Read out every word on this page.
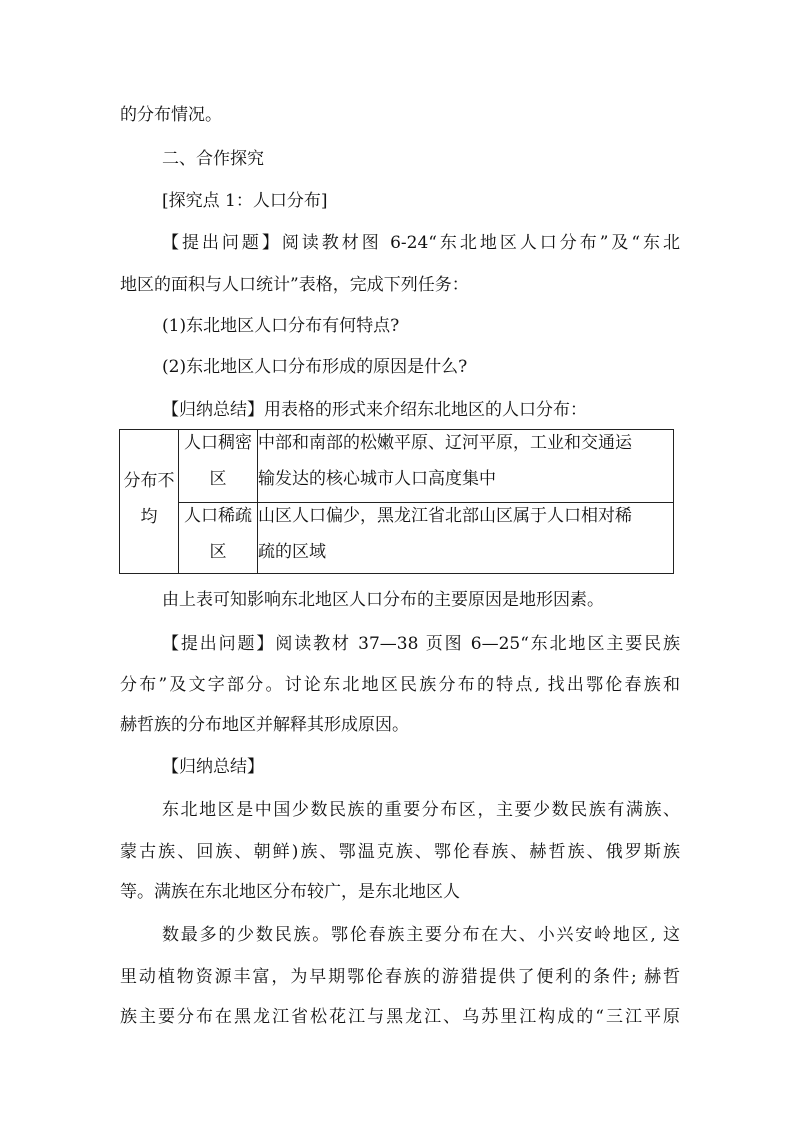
的分布情况。
二、合作探究
[探究点 1：人口分布]
【提出问题】阅读教材图 6-24“东北地区人口分布”及“东北
地区的面积与人口统计”表格，完成下列任务：
(1)东北地区人口分布有何特点?
(2)东北地区人口分布形成的原因是什么?
【归纳总结】用表格的形式来介绍东北地区的人口分布：
分布不
均
人口稠密
区
中部和南部的松嫩平原、辽河平原，工业和交通运
输发达的核心城市人口高度集中
人口稀疏
区
山区人口偏少，黑龙江省北部山区属于人口相对稀
疏的区域
由上表可知影响东北地区人口分布的主要原因是地形因素。
【提出问题】阅读教材 37—38 页图 6—25“东北地区主要民族
分布”及文字部分。讨论东北地区民族分布的特点, 找出鄂伦春族和
赫哲族的分布地区并解释其形成原因。
【归纳总结】
东北地区是中国少数民族的重要分布区，主要少数民族有满族、
蒙古族、回族、朝鲜)族、鄂温克族、鄂伦春族、赫哲族、俄罗斯族
等。满族在东北地区分布较广，是东北地区人
数最多的少数民族。鄂伦春族主要分布在大、小兴安岭地区, 这
里动植物资源丰富，为早期鄂伦春族的游猎提供了便利的条件; 赫哲
族主要分布在黑龙江省松花江与黑龙江、乌苏里江构成的“三江平原
